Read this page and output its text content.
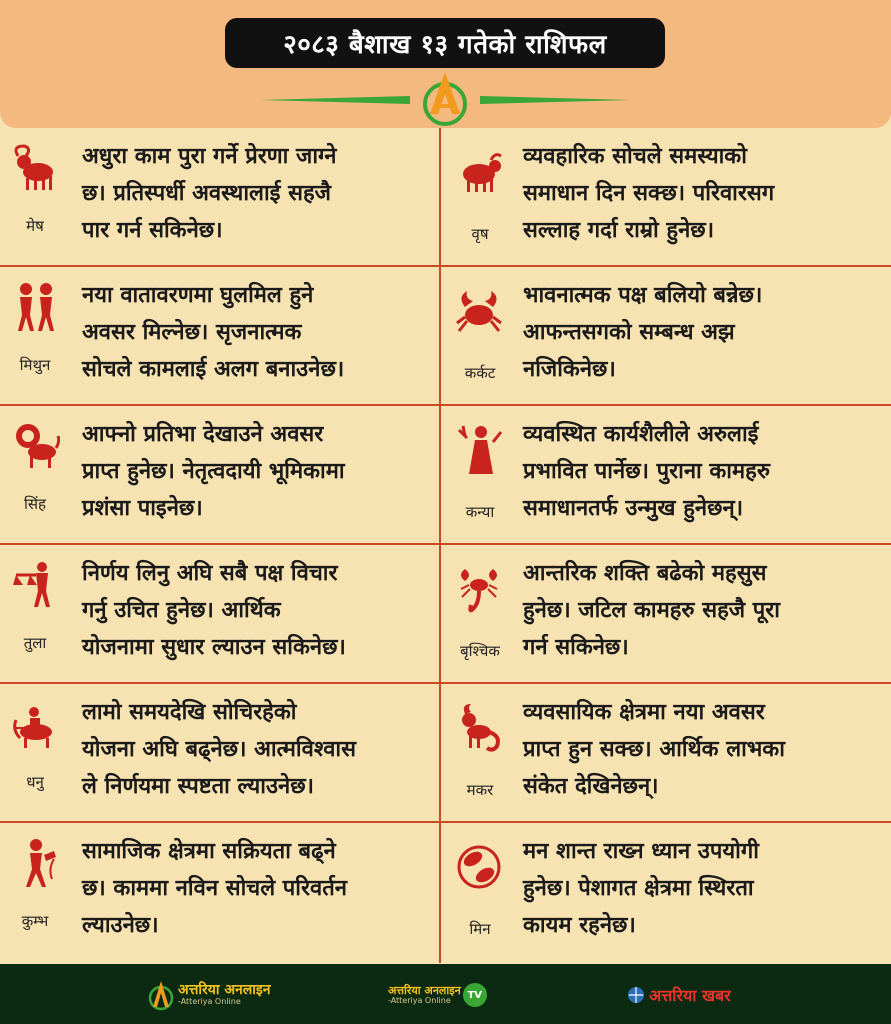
२०८३ बैशाख १३ गतेको राशिफल
मेष
अधुरा काम पुरा गर्ने प्रेरणा जाग्ने
छ। प्रतिस्पर्धी अवस्थालाई सहजै
पार गर्न सकिनेछ।	वृष
व्यवहारिक सोचले समस्याको
समाधान दिन सक्छ। परिवारसग
सल्लाह गर्दा राम्रो हुनेछ।
मिथुन
नया वातावरणमा घुलमिल हुने
अवसर मिल्नेछ। सृजनात्मक
सोचले कामलाई अलग बनाउनेछ।	कर्कट
भावनात्मक पक्ष बलियो बन्नेछ।
आफन्तसगको सम्बन्ध अझ
नजिकिनेछ।
सिंह
आफ्नो प्रतिभा देखाउने अवसर
प्राप्त हुनेछ। नेतृत्वदायी भूमिकामा
प्रशंसा पाइनेछ।	कन्या
व्यवस्थित कार्यशैलीले अरुलाई
प्रभावित पार्नेछ। पुराना कामहरु
समाधानतर्फ उन्मुख हुनेछन्।
तुला
निर्णय लिनु अघि सबै पक्ष विचार
गर्नु उचित हुनेछ। आर्थिक
योजनामा सुधार ल्याउन सकिनेछ।	बृश्चिक
आन्तरिक शक्ति बढेको महसुस
हुनेछ। जटिल कामहरु सहजै पूरा
गर्न सकिनेछ।
धनु
लामो समयदेखि सोचिरहेको
योजना अघि बढ्नेछ। आत्मविश्वास
ले निर्णयमा स्पष्टता ल्याउनेछ।	मकर
व्यवसायिक क्षेत्रमा नया अवसर
प्राप्त हुन सक्छ। आर्थिक लाभका
संकेत देखिनेछन्।
कुम्भ
सामाजिक क्षेत्रमा सक्रियता बढ्ने
छ। काममा नविन सोचले परिवर्तन
ल्याउनेछ।	मिन
मन शान्त राख्न ध्यान उपयोगी
हुनेछ। पेशागत क्षेत्रमा स्थिरता
कायम रहनेछ।
अत्तरिया अनलाइन
-Atteriya Online
अत्तरिया अनलाइन
-Atteriya Online	TV	अत्तरिया खबर
